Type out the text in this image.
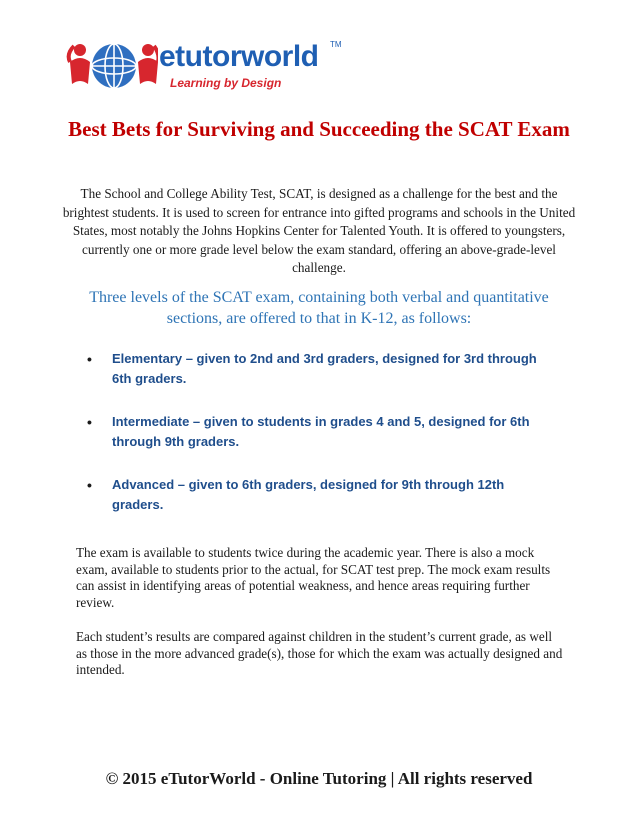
etutorworld TM
Learning by Design
Best Bets for Surviving and Succeeding the SCAT Exam

The School and College Ability Test, SCAT, is designed as a challenge for the best and the brightest students. It is used to screen for entrance into gifted programs and schools in the United States, most notably the Johns Hopkins Center for Talented Youth. It is offered to youngsters, currently one or more grade level below the exam standard, offering an above-grade-level challenge.

Three levels of the SCAT exam, containing both verbal and quantitative sections, are offered to that in K-12, as follows:

• Elementary – given to 2nd and 3rd graders, designed for 3rd through 6th graders.
• Intermediate – given to students in grades 4 and 5, designed for 6th through 9th graders.
• Advanced – given to 6th graders, designed for 9th through 12th graders.

The exam is available to students twice during the academic year. There is also a mock exam, available to students prior to the actual, for SCAT test prep. The mock exam results can assist in identifying areas of potential weakness, and hence areas requiring further review.

Each student’s results are compared against children in the student’s current grade, as well as those in the more advanced grade(s), those for which the exam was actually designed and intended.

© 2015 eTutorWorld - Online Tutoring | All rights reserved
